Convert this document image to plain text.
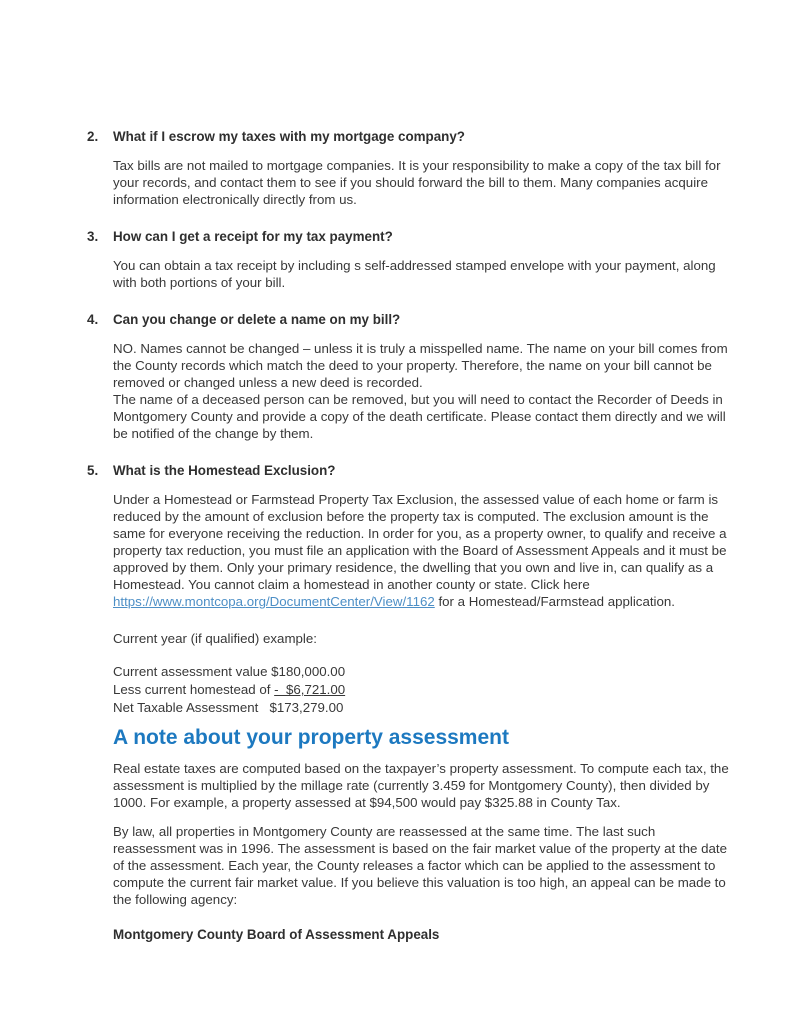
2. What if I escrow my taxes with my mortgage company?

Tax bills are not mailed to mortgage companies. It is your responsibility to make a copy of the tax bill for your records, and contact them to see if you should forward the bill to them. Many companies acquire information electronically directly from us.

3. How can I get a receipt for my tax payment?

You can obtain a tax receipt by including s self-addressed stamped envelope with your payment, along with both portions of your bill.

4. Can you change or delete a name on my bill?

NO. Names cannot be changed – unless it is truly a misspelled name. The name on your bill comes from the County records which match the deed to your property. Therefore, the name on your bill cannot be removed or changed unless a new deed is recorded.

The name of a deceased person can be removed, but you will need to contact the Recorder of Deeds in Montgomery County and provide a copy of the death certificate. Please contact them directly and we will be notified of the change by them.

5. What is the Homestead Exclusion?

Under a Homestead or Farmstead Property Tax Exclusion, the assessed value of each home or farm is reduced by the amount of exclusion before the property tax is computed. The exclusion amount is the same for everyone receiving the reduction. In order for you, as a property owner, to qualify and receive a property tax reduction, you must file an application with the Board of Assessment Appeals and it must be approved by them. Only your primary residence, the dwelling that you own and live in, can qualify as a Homestead. You cannot claim a homestead in another county or state. Click here https://www.montcopa.org/DocumentCenter/View/1162 for a Homestead/Farmstead application.

Current year (if qualified) example:

Current assessment value $180,000.00

Less current homestead of -  $6,721.00

Net Taxable Assessment   $173,279.00

A note about your property assessment

Real estate taxes are computed based on the taxpayer’s property assessment. To compute each tax, the assessment is multiplied by the millage rate (currently 3.459 for Montgomery County), then divided by 1000. For example, a property assessed at $94,500 would pay $325.88 in County Tax.

By law, all properties in Montgomery County are reassessed at the same time. The last such reassessment was in 1996. The assessment is based on the fair market value of the property at the date of the assessment. Each year, the County releases a factor which can be applied to the assessment to compute the current fair market value. If you believe this valuation is too high, an appeal can be made to the following agency:

Montgomery County Board of Assessment Appeals
